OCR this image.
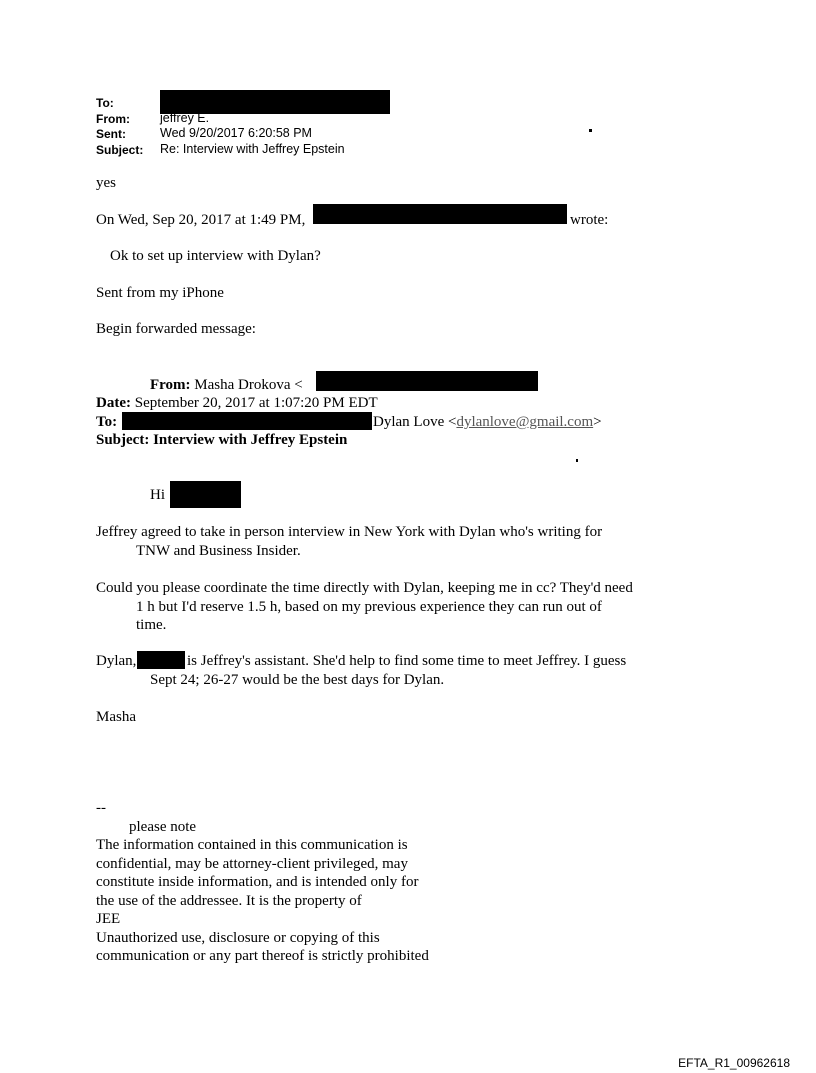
To:
From: jeffrey E.
Sent:	Wed 9/20/2017 6:20:58 PM
Subject: Re: Interview with Jeffrey Epstein
yes
On Wed, Sep 20, 2017 at 1:49 PM,	wrote:
Ok to set up interview with Dylan?
Sent from my iPhone
Begin forwarded message:
From: Masha Drokova <
Date: September 20, 2017 at 1:07:20 PM EDT
To:	Dylan Love <dylanlove@gmail.com>
Subject: Interview with Jeffrey Epstein
Hi
Jeffrey agreed to take in person interview in New York with Dylan who's writing for
TNW and Business Insider.
Could you please coordinate the time directly with Dylan, keeping me in cc? They'd need
1 h but I'd reserve 1.5 h, based on my previous experience they can run out of
time.
Dylan,	is Jeffrey's assistant. She'd help to find some time to meet Jeffrey. I guess
Sept 24; 26-27 would be the best days for Dylan.
Masha
--
please note
The information contained in this communication is
confidential, may be attorney-client privileged, may
constitute inside information, and is intended only for
the use of the addressee. It is the property of
JEE
Unauthorized use, disclosure or copying of this
communication or any part thereof is strictly prohibited
EFTA_R1_00962618
